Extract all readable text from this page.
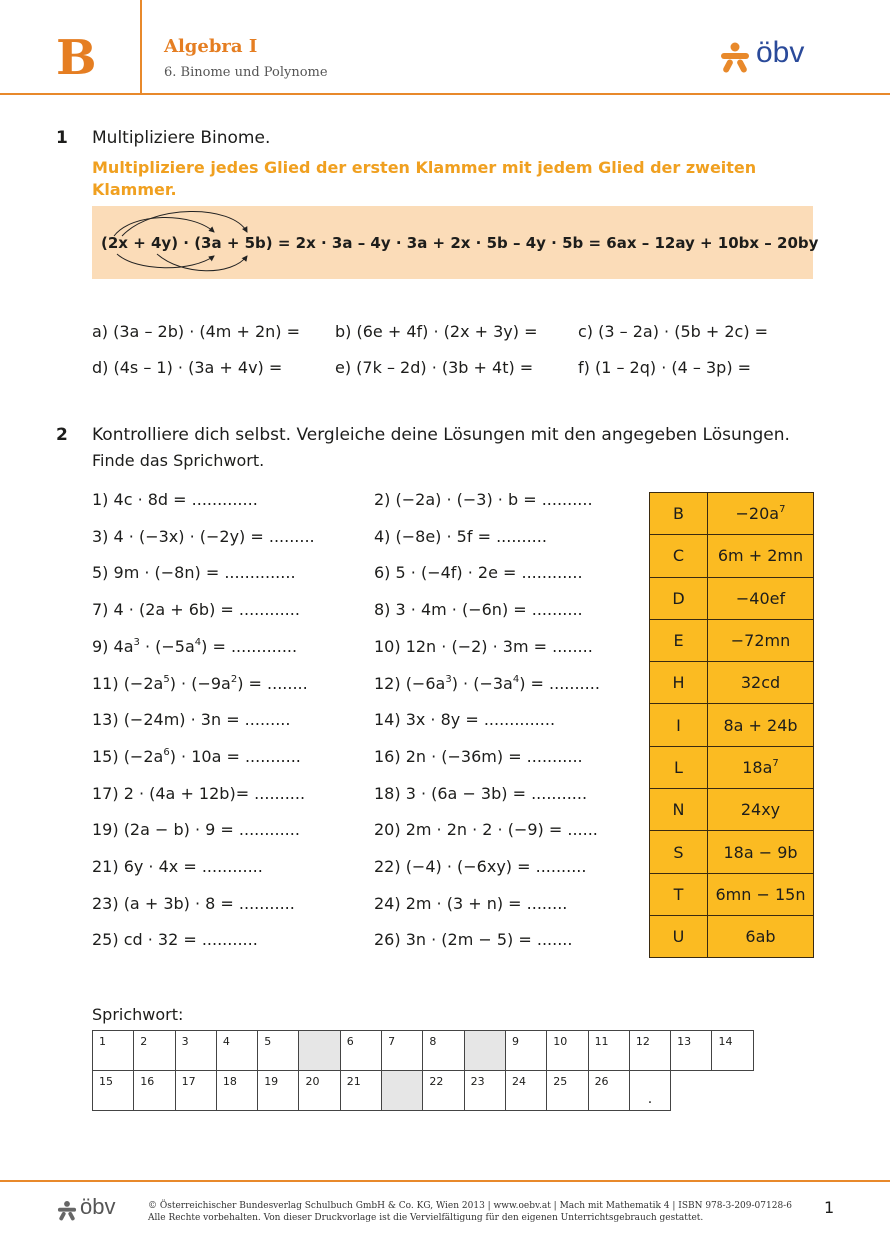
B	Algebra I
6. Binome und Polynome
öbv
1 Multipliziere Binome.
Multipliziere jedes Glied der ersten Klammer mit jedem Glied der zweiten Klammer.
(2x + 4y) · (3a + 5b) = 2x · 3a – 4y · 3a + 2x · 5b – 4y · 5b = 6ax – 12ay + 10bx – 20by
a) (3a – 2b) · (4m + 2n) = b) (6e + 4f) · (2x + 3y) =	c) (3 – 2a) · (5b + 2c) =
d) (4s – 1) · (3a + 4v) =	e) (7k – 2d) · (3b + 4t) =	f) (1 – 2q) · (4 – 3p) =
2 Kontrolliere dich selbst. Vergleiche deine Lösungen mit den angegeben Lösungen.
Finde das Sprichwort.
1) 4c · 8d = .............	2) (−2a) · (−3) · b = ..........
3) 4 · (−3x) · (−2y) = .........	4) (−8e) · 5f = ..........
5) 9m · (−8n) = ..............	6) 5 · (−4f) · 2e = ............
7) 4 · (2a + 6b) = ............	8) 3 · 4m · (−6n) = ..........
9) $4a^3 \cdot (-5a^4)$ = .............	10) 12n · (−2) · 3m = ........
11) $(-2a^5) \cdot (-9a^2)$ = ........	12) $(-6a^3) \cdot (-3a^4)$ = ..........
13) (−24m) · 3n = .........	14) 3x · 8y = ..............
15) $(-2a^6) \cdot 10a$ = ...........	16) 2n · (−36m) = ...........
17) 2 · (4a + 12b)= ..........	18) 3 · (6a − 3b) = ...........
19) (2a − b) · 9 = ............	20) 2m · 2n · 2 · (−9) = ......
21) 6y · 4x = ............	22) (−4) · (−6xy) = ..........
23) (a + 3b) · 8 = ...........	24) 2m · (3 + n) = ........
25) cd · 32 = ...........	26) 3n · (2m − 5) = .......
B	$-20a^7$
C	6m + 2mn
D	−40ef
E	−72mn
H	32cd
I	8a + 24b
L	$18a^7$
N	24xy
S	18a − 9b
T	6mn − 15n
U	6ab
Sprichwort:
1	2	3	4	5		6	7	8		9	10	11	12	13	14
15	16	17	18	19	20	21		22	23	24	25	26	.		
öbv	© Österreichischer Bundesverlag Schulbuch GmbH & Co. KG, Wien 2013 | www.oebv.at | Mach mit Mathematik 4 | ISBN 978-3-209-07128-6
Alle Rechte vorbehalten. Von dieser Druckvorlage ist die Vervielfältigung für den eigenen Unterrichtsgebrauch gestattet.
1
